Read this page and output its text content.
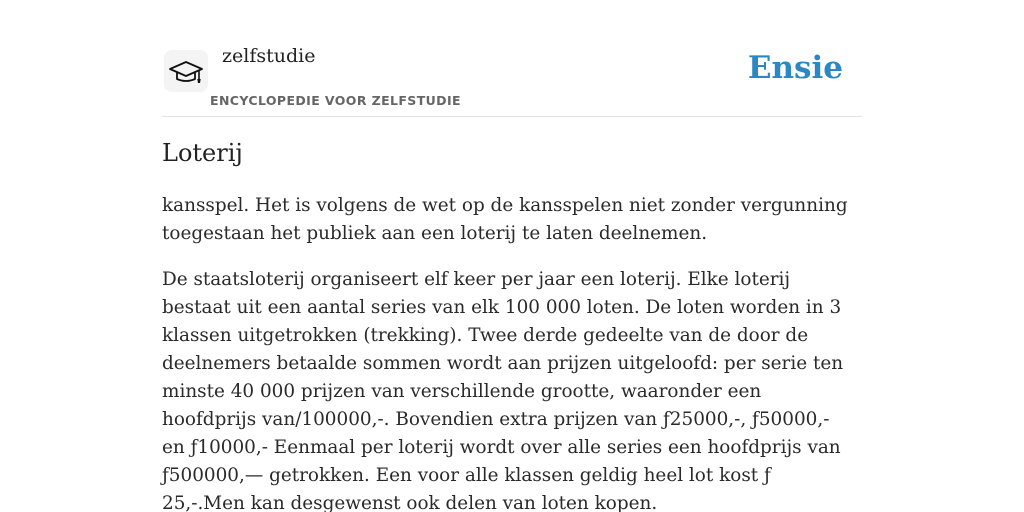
zelfstudie
ENCYCLOPEDIE VOOR ZELFSTUDIE
Ensie
Loterij

kansspel. Het is volgens de wet op de kansspelen niet zonder vergunning toegestaan het publiek aan een loterij te laten deelnemen.

De staatsloterij organiseert elf keer per jaar een loterij. Elke loterij bestaat uit een aantal series van elk 100 000 loten. De loten worden in 3 klassen uitgetrokken (trekking). Twee derde gedeelte van de door de deelnemers betaalde sommen wordt aan prijzen uitgeloofd: per serie ten minste 40 000 prijzen van verschillende grootte, waaronder een hoofdprijs van/100000,-. Bovendien extra prijzen van ƒ25000,-, ƒ50000,- en ƒ10000,- Eenmaal per loterij wordt over alle series een hoofdprijs van ƒ500000,— getrokken. Een voor alle klassen geldig heel lot kost ƒ 25,-.Men kan desgewenst ook delen van loten kopen.
